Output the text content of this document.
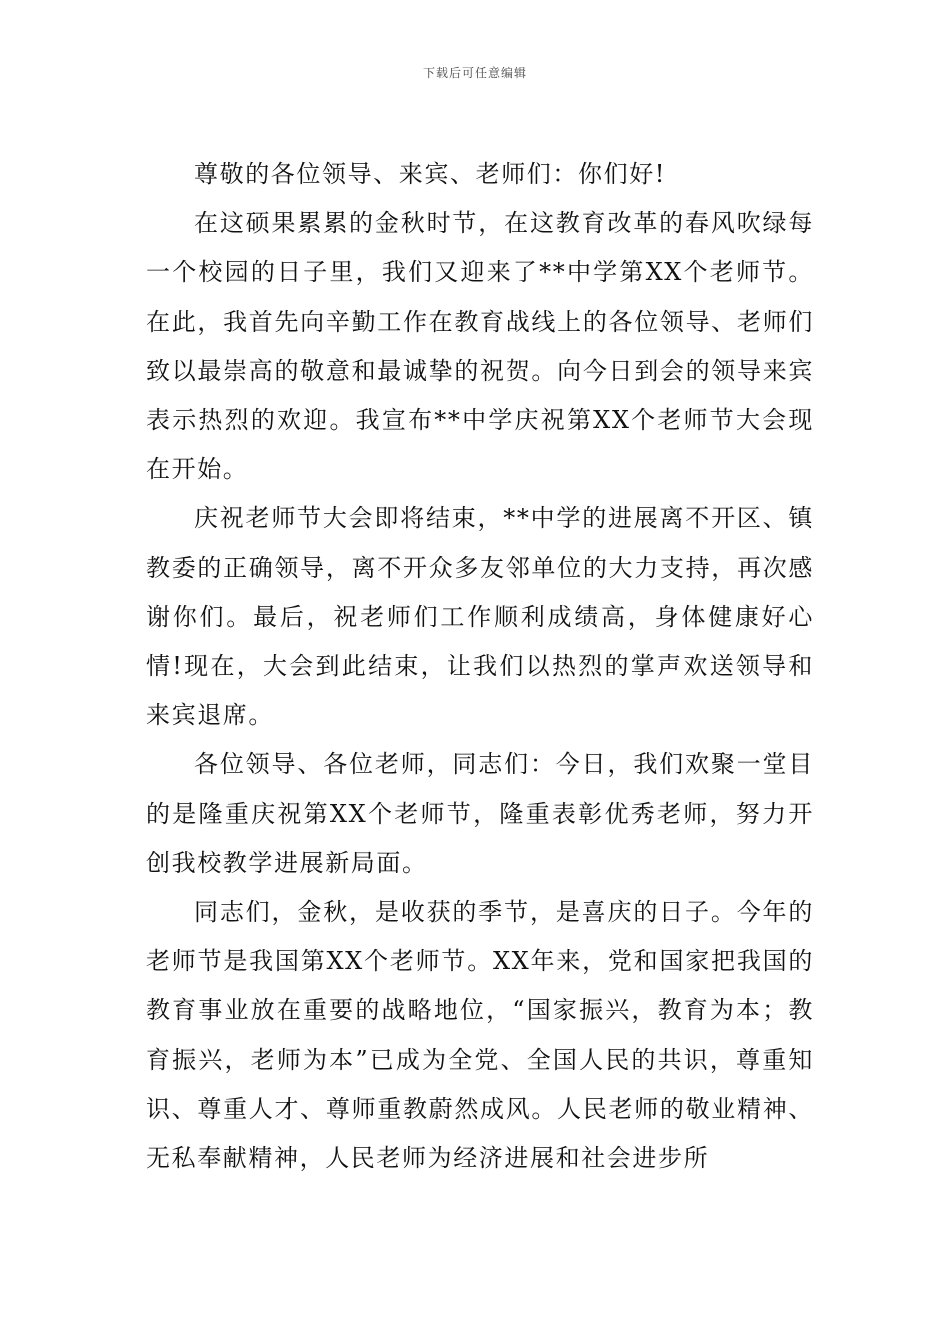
下载后可任意编辑

尊敬的各位领导、来宾、老师们：你们好!

在这硕果累累的金秋时节，在这教育改革的春风吹绿每一个校园的日子里，我们又迎来了**中学第XX个老师节。在此，我首先向辛勤工作在教育战线上的各位领导、老师们致以最崇高的敬意和最诚挚的祝贺。向今日到会的领导来宾表示热烈的欢迎。我宣布**中学庆祝第XX个老师节大会现在开始。

庆祝老师节大会即将结束，**中学的进展离不开区、镇教委的正确领导，离不开众多友邻单位的大力支持，再次感谢你们。最后，祝老师们工作顺利成绩高，身体健康好心情!现在，大会到此结束，让我们以热烈的掌声欢送领导和来宾退席。

各位领导、各位老师，同志们：今日，我们欢聚一堂目的是隆重庆祝第XX个老师节，隆重表彰优秀老师，努力开创我校教学进展新局面。

同志们，金秋，是收获的季节，是喜庆的日子。今年的老师节是我国第XX个老师节。XX年来，党和国家把我国的教育事业放在重要的战略地位，“国家振兴，教育为本；教育振兴，老师为本”已成为全党、全国人民的共识，尊重知识、尊重人才、尊师重教蔚然成风。人民老师的敬业精神、无私奉献精神，人民老师为经济进展和社会进步所
